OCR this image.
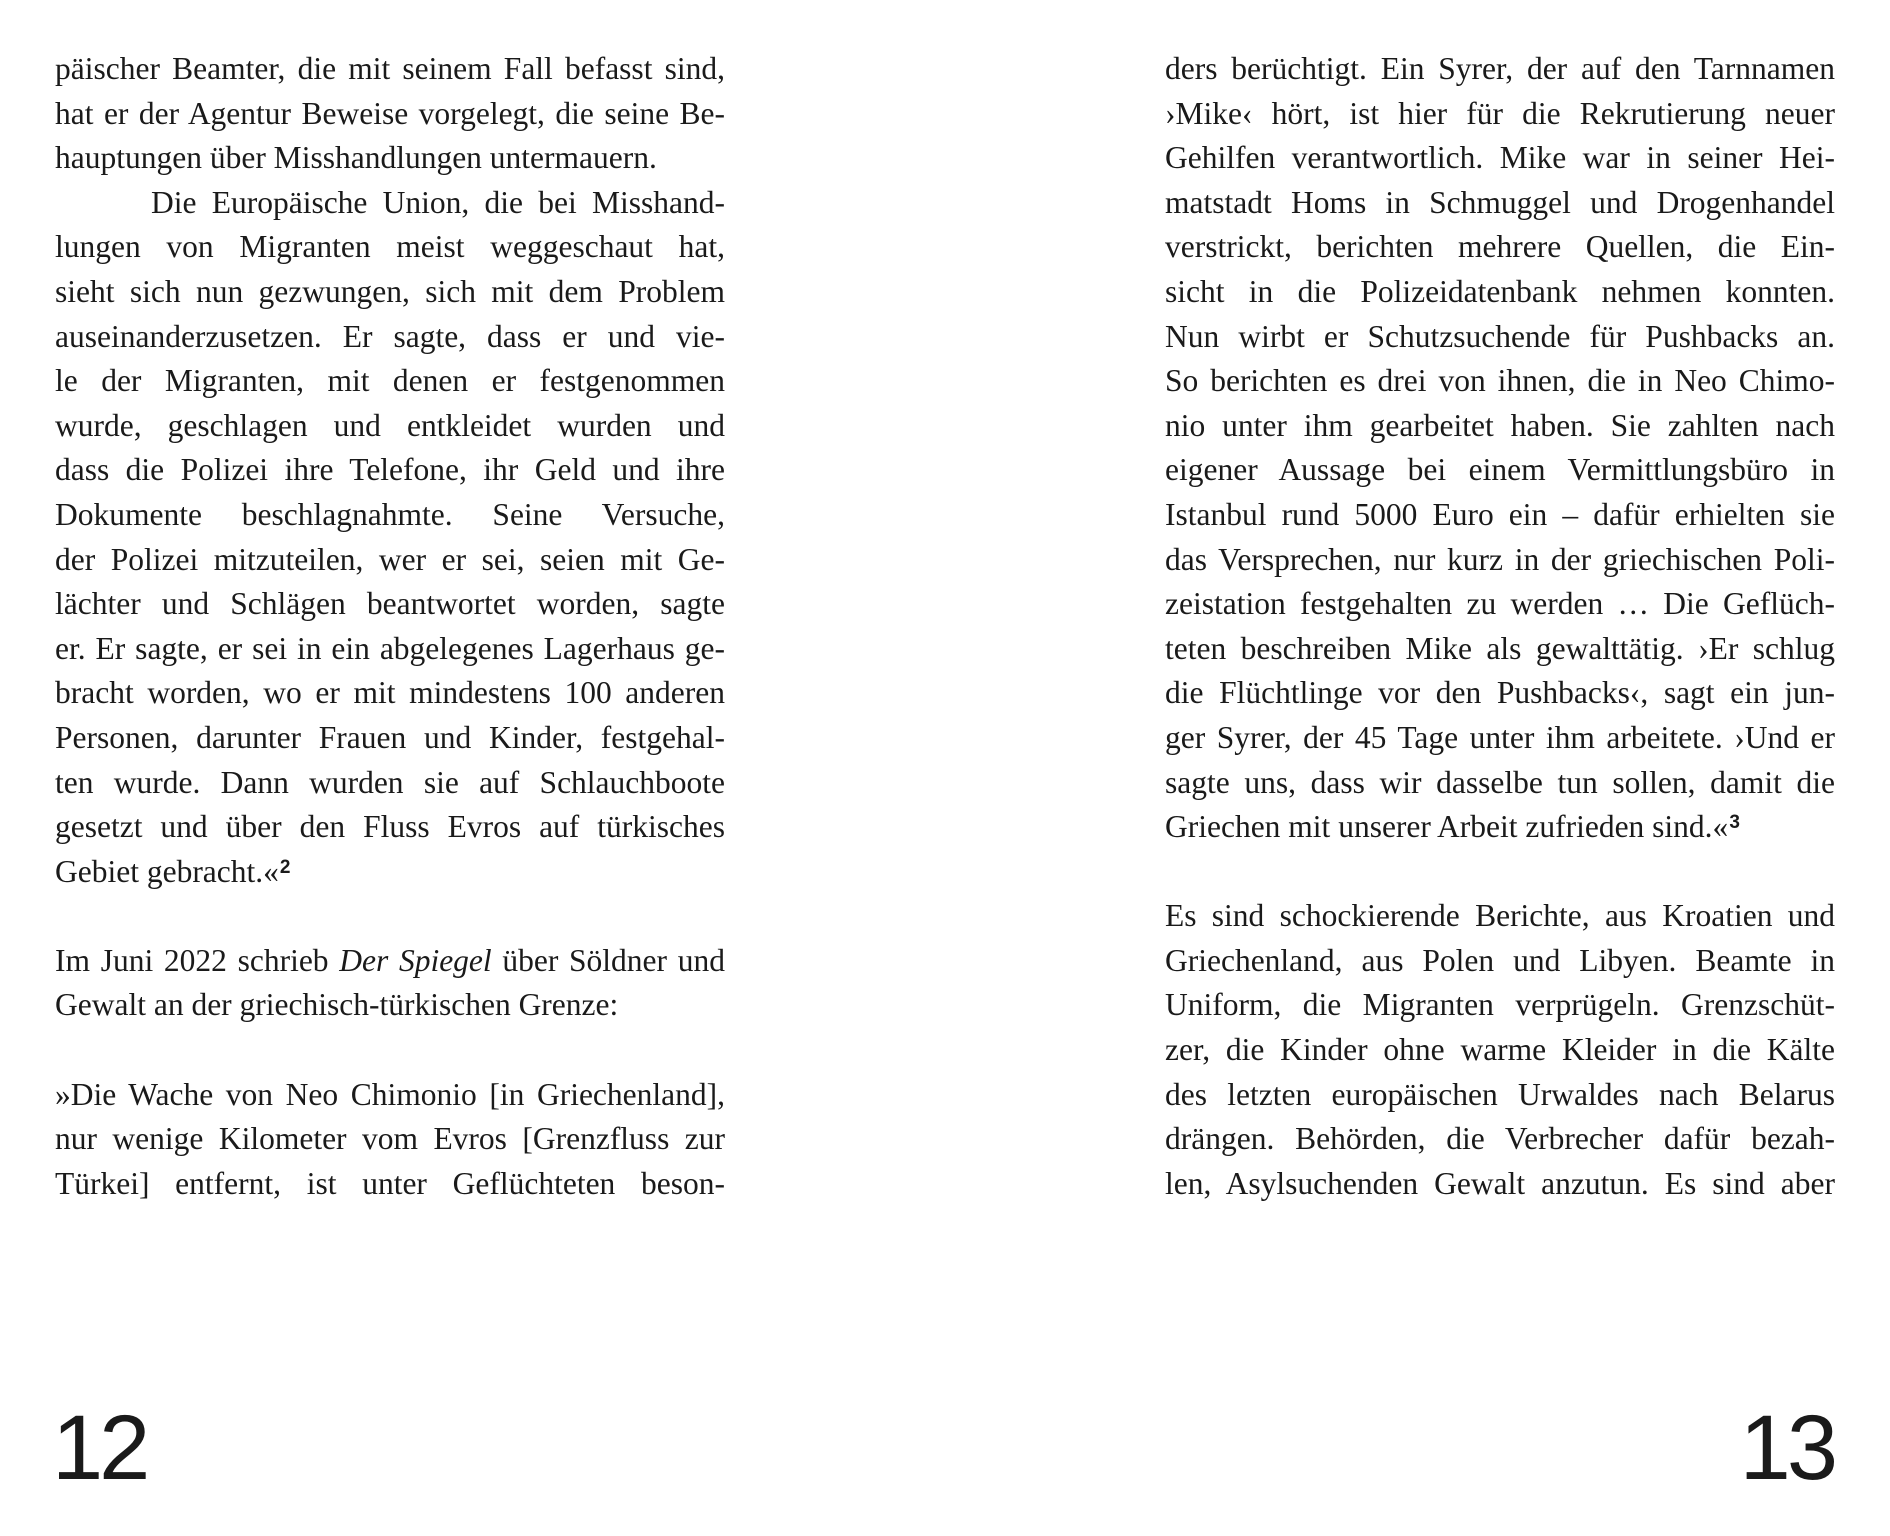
päischer Beamter, die mit seinem Fall befasst sind,
hat er der Agentur Beweise vorgelegt, die seine Be-
hauptungen über Misshandlungen untermauern.
Die Europäische Union, die bei Misshand-
lungen von Migranten meist weggeschaut hat,
sieht sich nun gezwungen, sich mit dem Problem
auseinanderzusetzen. Er sagte, dass er und vie-
le der Migranten, mit denen er festgenommen
wurde, geschlagen und entkleidet wurden und
dass die Polizei ihre Telefone, ihr Geld und ihre
Dokumente beschlagnahmte. Seine Versuche,
der Polizei mitzuteilen, wer er sei, seien mit Ge-
lächter und Schlägen beantwortet worden, sagte
er. Er sagte, er sei in ein abgelegenes Lagerhaus ge-
bracht worden, wo er mit mindestens 100 anderen
Personen, darunter Frauen und Kinder, festgehal-
ten wurde. Dann wurden sie auf Schlauchboote
gesetzt und über den Fluss Evros auf türkisches
Gebiet gebracht.«$^2$
Im Juni 2022 schrieb Der Spiegel über Söldner und
Gewalt an der griechisch-türkischen Grenze:
»Die Wache von Neo Chimonio [in Griechenland],
nur wenige Kilometer vom Evros [Grenzfluss zur
Türkei] entfernt, ist unter Geflüchteten beson-
ders berüchtigt. Ein Syrer, der auf den Tarnnamen
›Mike‹ hört, ist hier für die Rekrutierung neuer
Gehilfen verantwortlich. Mike war in seiner Hei-
matstadt Homs in Schmuggel und Drogenhandel
verstrickt, berichten mehrere Quellen, die Ein-
sicht in die Polizeidatenbank nehmen konnten.
Nun wirbt er Schutzsuchende für Pushbacks an.
So berichten es drei von ihnen, die in Neo Chimo-
nio unter ihm gearbeitet haben. Sie zahlten nach
eigener Aussage bei einem Vermittlungsbüro in
Istanbul rund 5000 Euro ein – dafür erhielten sie
das Versprechen, nur kurz in der griechischen Poli-
zeistation festgehalten zu werden … Die Geflüch-
teten beschreiben Mike als gewalttätig. ›Er schlug
die Flüchtlinge vor den Pushbacks‹, sagt ein jun-
ger Syrer, der 45 Tage unter ihm arbeitete. ›Und er
sagte uns, dass wir dasselbe tun sollen, damit die
Griechen mit unserer Arbeit zufrieden sind.«$^3$
Es sind schockierende Berichte, aus Kroatien und
Griechenland, aus Polen und Libyen. Beamte in
Uniform, die Migranten verprügeln. Grenzschüt-
zer, die Kinder ohne warme Kleider in die Kälte
des letzten europäischen Urwaldes nach Belarus
drängen. Behörden, die Verbrecher dafür bezah-
len, Asylsuchenden Gewalt anzutun. Es sind aber
12	13
